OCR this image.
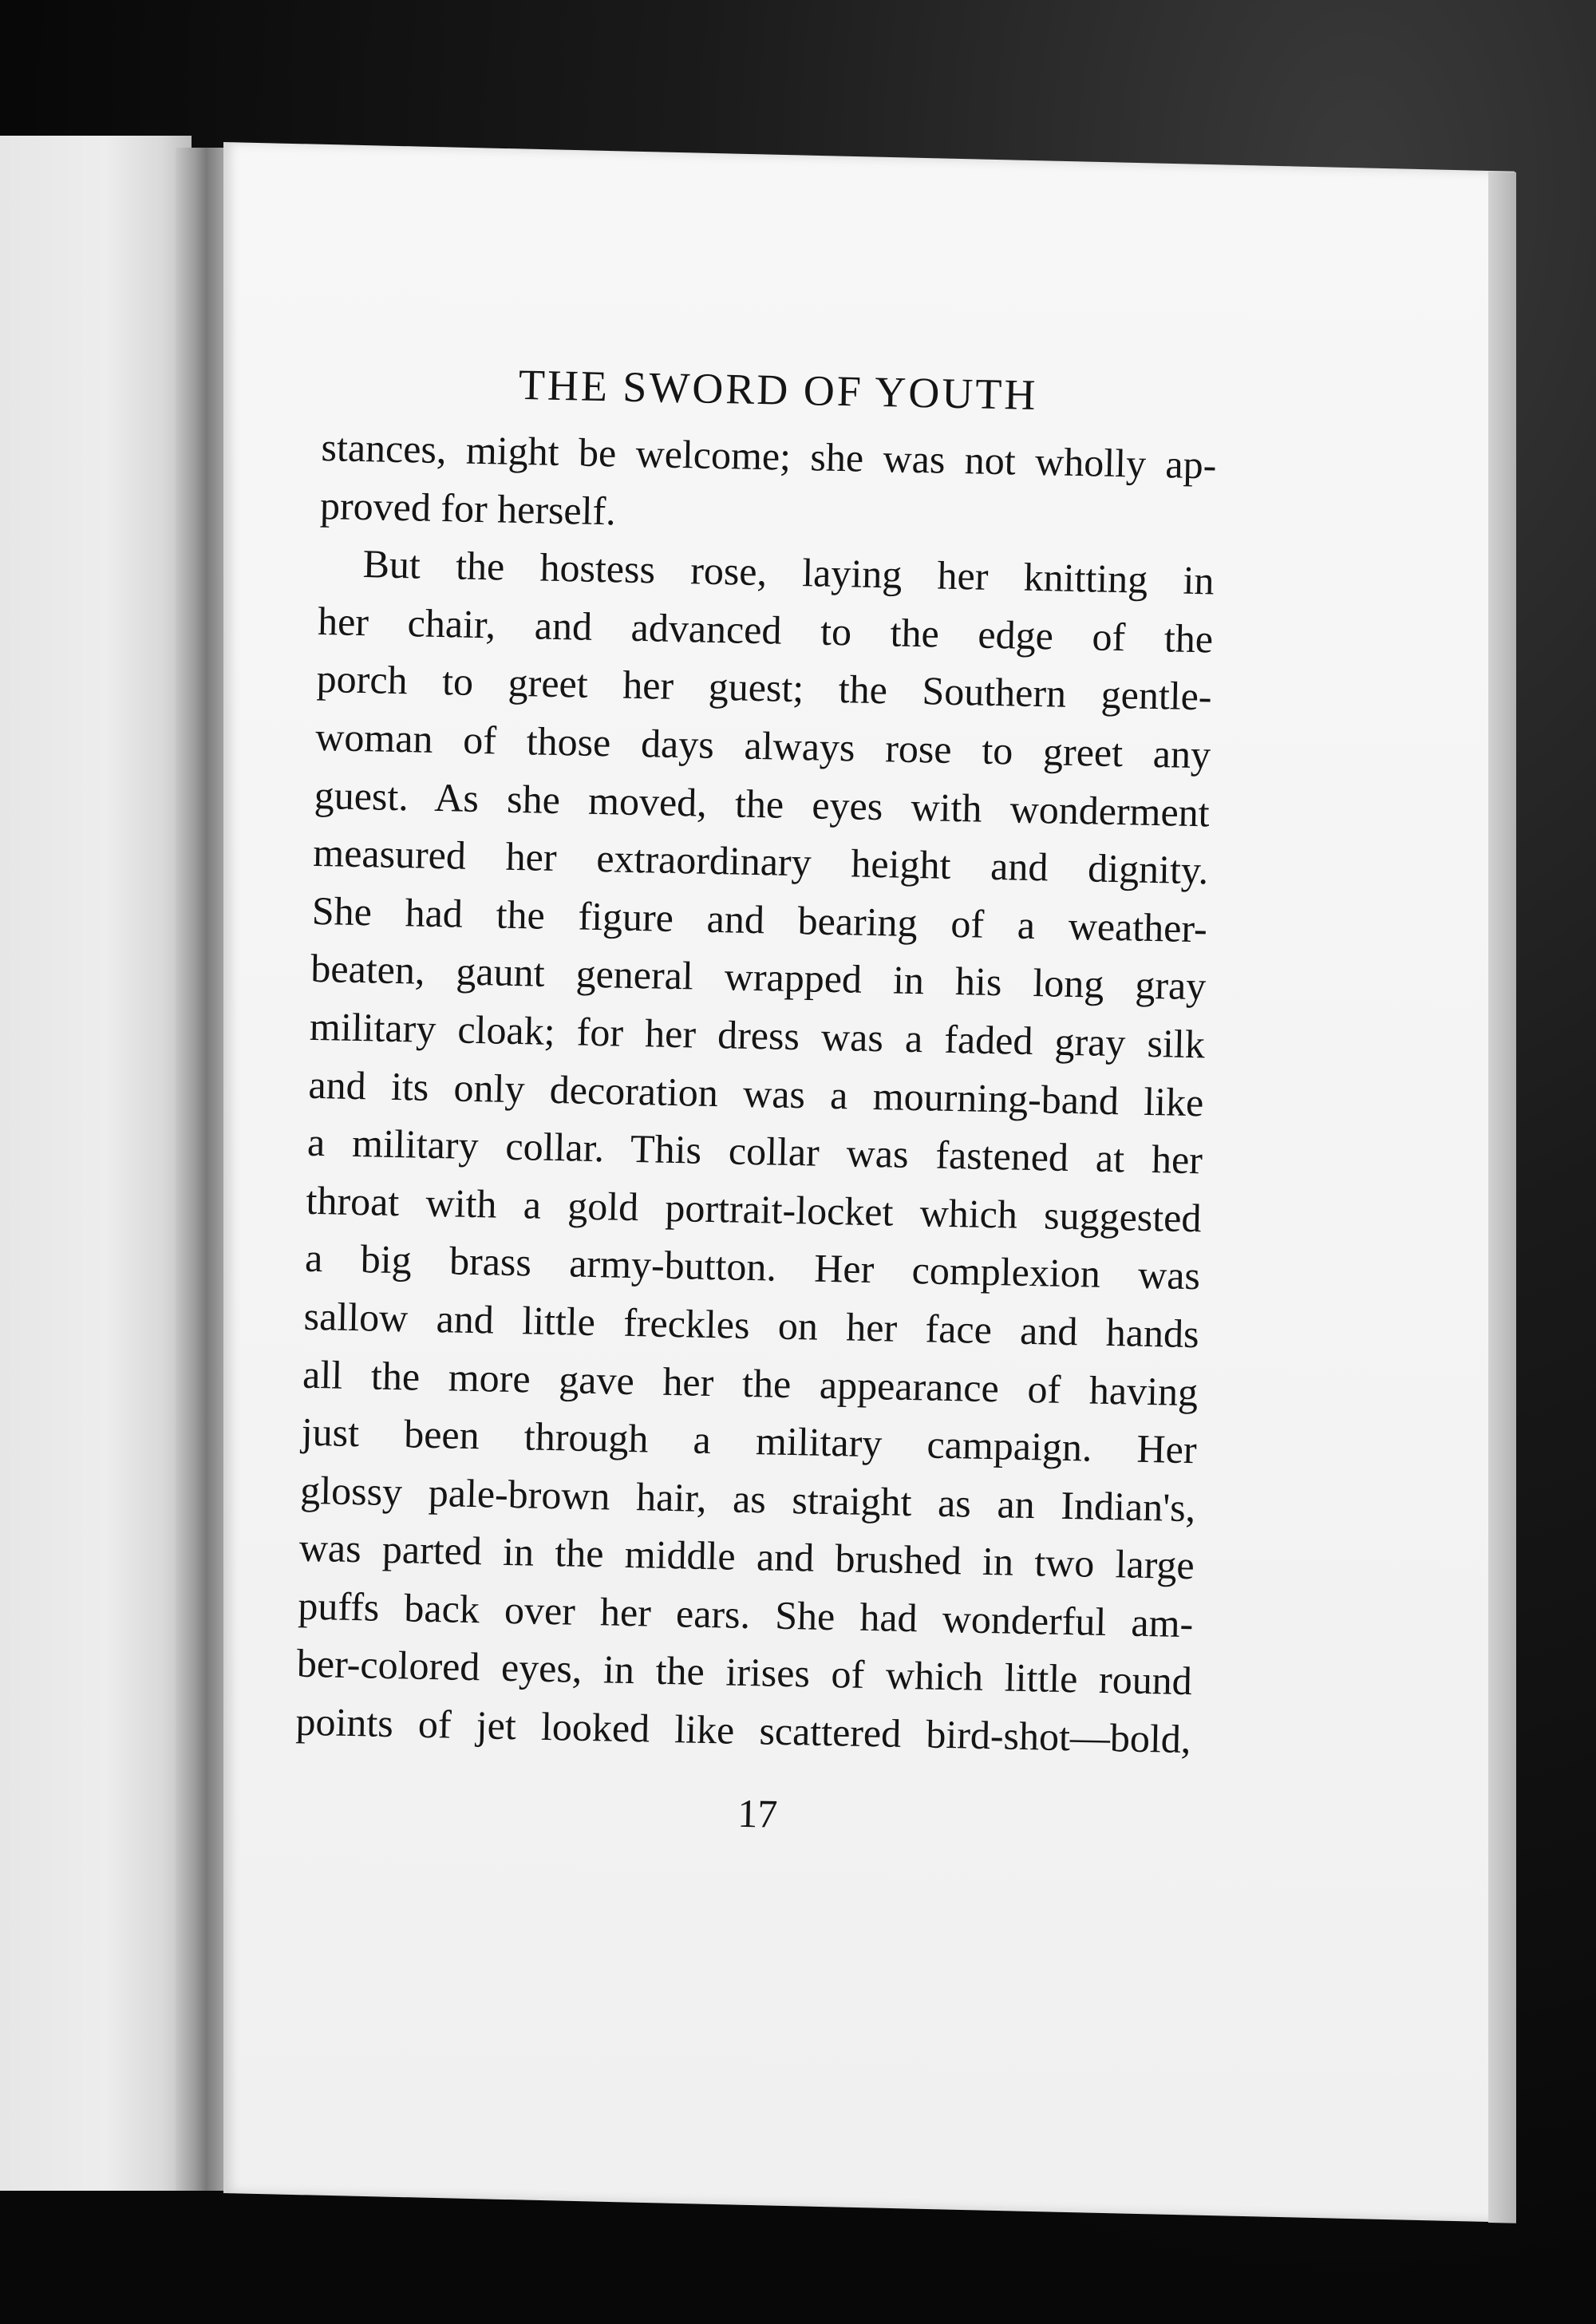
THE SWORD OF YOUTH
stances, might be welcome; she was not wholly ap-
proved for herself.
But the hostess rose, laying her knitting in
her chair, and advanced to the edge of the
porch to greet her guest; the Southern gentle-
woman of those days always rose to greet any
guest. As she moved, the eyes with wonderment
measured her extraordinary height and dignity.
She had the figure and bearing of a weather-
beaten, gaunt general wrapped in his long gray
military cloak; for her dress was a faded gray silk
and its only decoration was a mourning-band like
a military collar. This collar was fastened at her
throat with a gold portrait-locket which suggested
a big brass army-button. Her complexion was
sallow and little freckles on her face and hands
all the more gave her the appearance of having
just been through a military campaign. Her
glossy pale-brown hair, as straight as an Indian's,
was parted in the middle and brushed in two large
puffs back over her ears. She had wonderful am-
ber-colored eyes, in the irises of which little round
points of jet looked like scattered bird-shot—bold,
17
